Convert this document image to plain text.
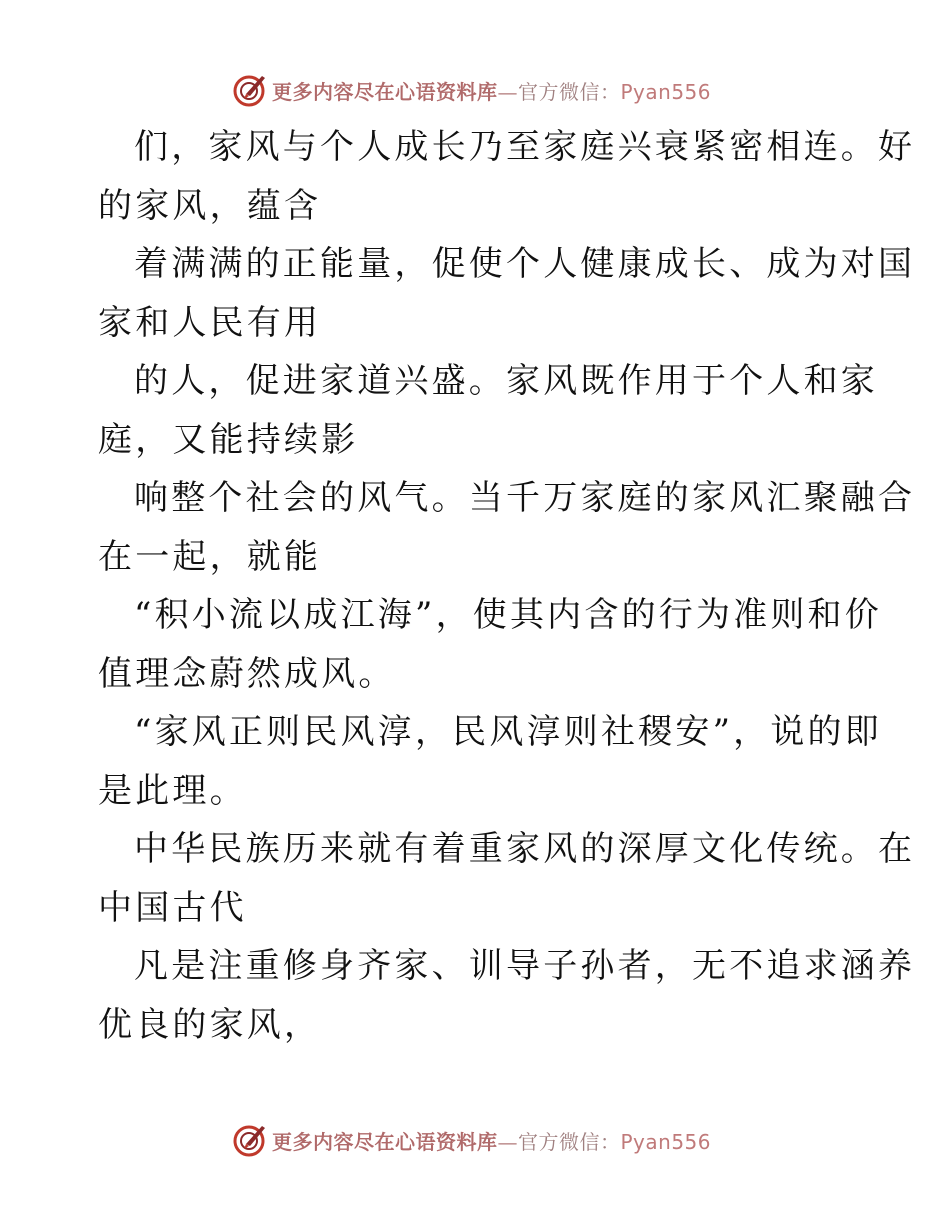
更多内容尽在心语资料库—官方微信：Pyan556
们，家风与个人成长乃至家庭兴衰紧密相连。好
的家风，蕴含
着满满的正能量，促使个人健康成长、成为对国
家和人民有用
的人，促进家道兴盛。家风既作用于个人和家
庭，又能持续影
响整个社会的风气。当千万家庭的家风汇聚融合
在一起，就能
“积小流以成江海”，使其内含的行为准则和价
值理念蔚然成风。
“家风正则民风淳，民风淳则社稷安”，说的即
是此理。
中华民族历来就有着重家风的深厚文化传统。在
中国古代
凡是注重修身齐家、训导子孙者，无不追求涵养
优良的家风，
更多内容尽在心语资料库—官方微信：Pyan556
